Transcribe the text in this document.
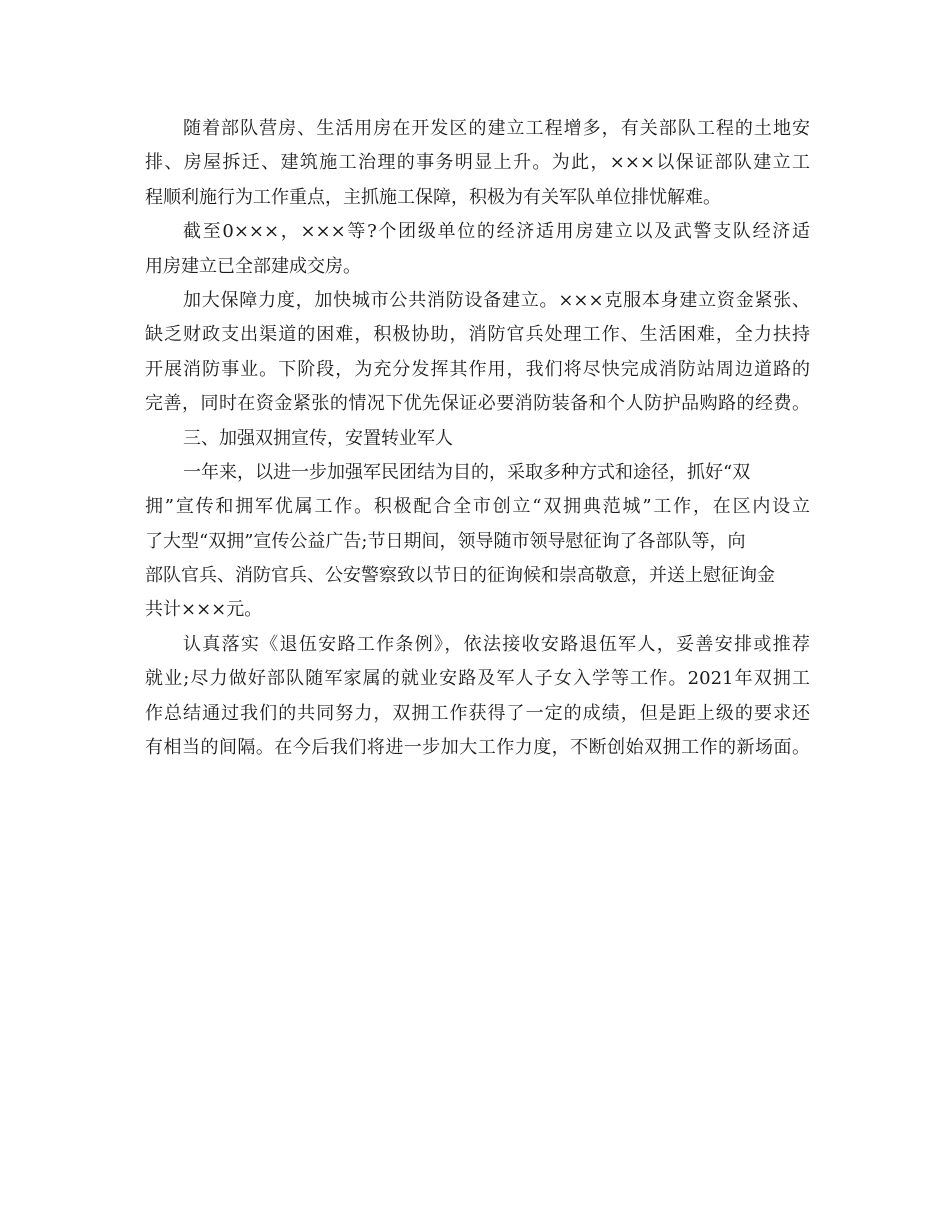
随着部队营房、生活用房在开发区的建立工程增多，有关部队工程的土地安
排、房屋拆迁、建筑施工治理的事务明显上升。为此，×××以保证部队建立工
程顺利施行为工作重点，主抓施工保障，积极为有关军队单位排忧解难。
截至0×××，×××等?个团级单位的经济适用房建立以及武警支队经济适
用房建立已全部建成交房。
加大保障力度，加快城市公共消防设备建立。×××克服本身建立资金紧张、
缺乏财政支出渠道的困难，积极协助，消防官兵处理工作、生活困难，全力扶持
开展消防事业。下阶段，为充分发挥其作用，我们将尽快完成消防站周边道路的
完善，同时在资金紧张的情况下优先保证必要消防装备和个人防护品购路的经费。
三、加强双拥宣传，安置转业军人
一年来，以进一步加强军民团结为目的，采取多种方式和途径，抓好“双
拥”宣传和拥军优属工作。积极配合全市创立“双拥典范城”工作，在区内设立
了大型“双拥”宣传公益广告;节日期间，领导随市领导慰征询了各部队等，向
部队官兵、消防官兵、公安警察致以节日的征询候和崇高敬意，并送上慰征询金
共计×××元。
认真落实《退伍安路工作条例》，依法接收安路退伍军人，妥善安排或推荐
就业;尽力做好部队随军家属的就业安路及军人子女入学等工作。2021年双拥工
作总结通过我们的共同努力，双拥工作获得了一定的成绩，但是距上级的要求还
有相当的间隔。在今后我们将进一步加大工作力度，不断创始双拥工作的新场面。
